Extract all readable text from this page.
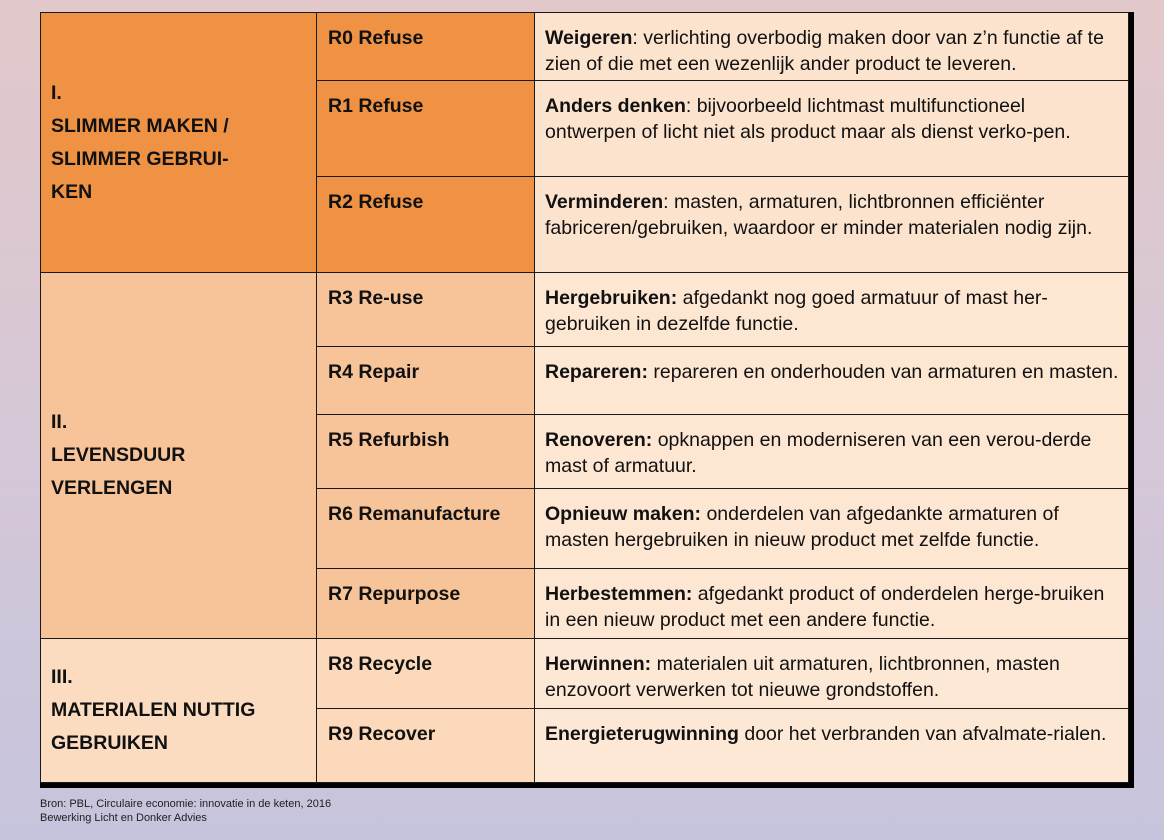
I.
SLIMMER MAKEN /
SLIMMER GEBRUI-
KEN	R0 Refuse	Weigeren: verlichting overbodig maken door van z’n functie af te zien of die met een wezenlijk ander product te leveren.
	R1 Refuse	Anders denken: bijvoorbeeld lichtmast multifunctioneel ontwerpen of licht niet als product maar als dienst verko-pen.
	R2 Refuse	Verminderen: masten, armaturen, lichtbronnen efficiënter fabriceren/gebruiken, waardoor er minder materialen nodig zijn.

II.
LEVENSDUUR
VERLENGEN	R3 Re-use	Hergebruiken: afgedankt nog goed armatuur of mast her-gebruiken in dezelfde functie.
	R4 Repair	Repareren: repareren en onderhouden van armaturen en masten.
	R5 Refurbish	Renoveren: opknappen en moderniseren van een verou-derde mast of armatuur.
	R6 Remanufacture	Opnieuw maken: onderdelen van afgedankte armaturen of masten hergebruiken in nieuw product met zelfde functie.
	R7 Repurpose	Herbestemmen: afgedankt product of onderdelen herge-bruiken in een nieuw product met een andere functie.

III.
MATERIALEN NUTTIG
GEBRUIKEN	R8 Recycle	Herwinnen: materialen uit armaturen, lichtbronnen, masten enzovoort verwerken tot nieuwe grondstoffen.
	R9 Recover	Energieterugwinning door het verbranden van afvalmate-rialen.
Bron: PBL, Circulaire economie: innovatie in de keten, 2016
Bewerking Licht en Donker Advies
